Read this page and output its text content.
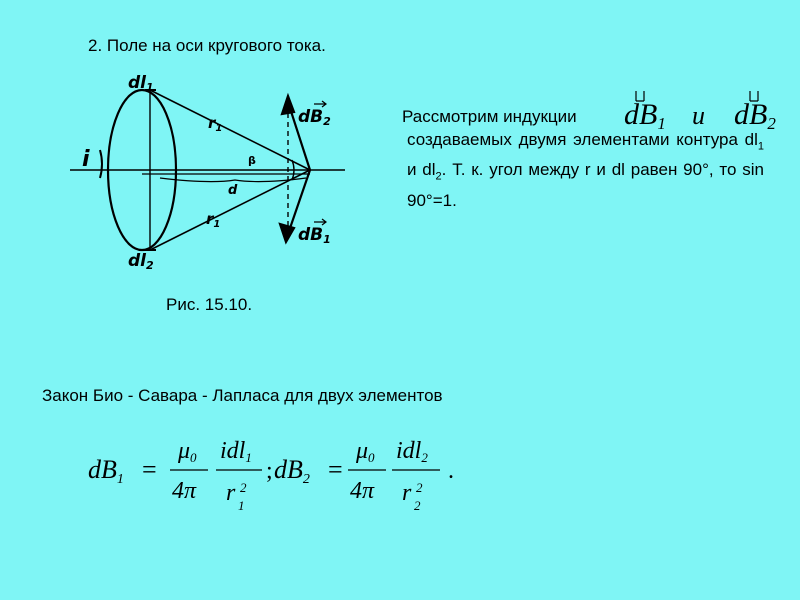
2. Поле на оси кругового тока.
Рассмотрим индукции dB1 и dB2
создаваемых двумя элементами контура $dl_1$ и $dl_2$. Т. к. угол между r и dl равен 90°, то sin 90°=1.
dl1
dl2
i
$r_1$
$r_1$
β
d
dB2
dB1
Рис. 15.10.
Закон Био - Савара - Лапласа для двух элементов
dB1 =
μ0
4π
idl1
r 2
1
; dB2 =
μ0
4π
idl2
r 2
2
.
